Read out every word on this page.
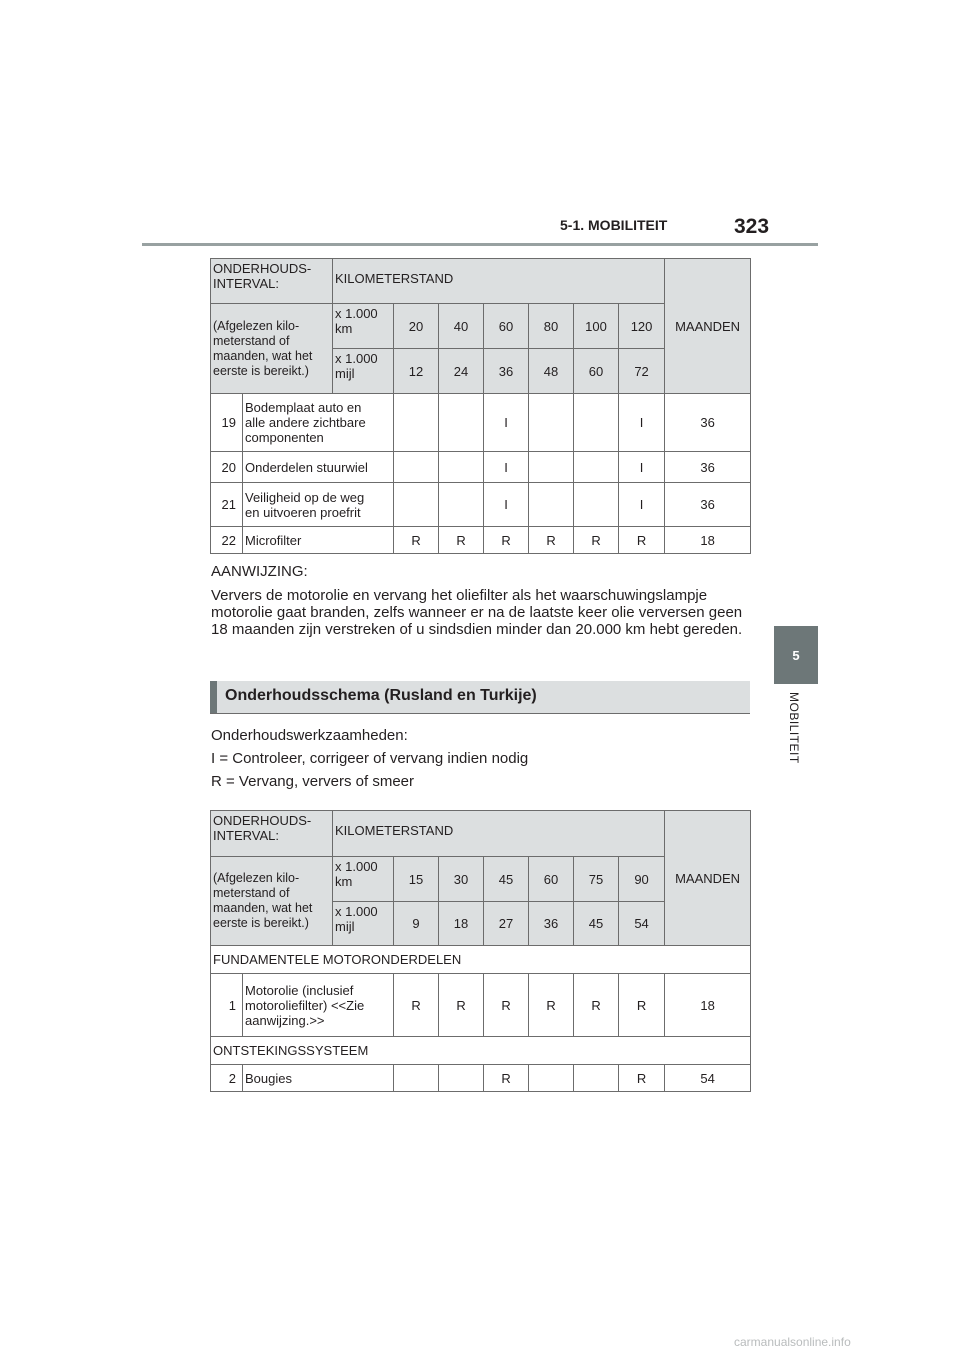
5-1. MOBILITEIT	323
5
MOBILITEIT
ONDERHOUDS-
INTERVAL:		KILOMETERSTAND							MAANDEN
(Afgelezen kilo-
meterstand of
maanden, wat het
eerste is bereikt.)		x 1.000
km	20	40	60	80	100	120	
		x 1.000
mijl	12	24	36	48	60	72	
19	Bodemplaat auto en
alle andere zichtbare
componenten				I			I	36
20	Onderdelen stuurwiel				I			I	36
21	Veiligheid op de weg
en uitvoeren proefrit				I			I	36
22	Microfilter		R	R	R	R	R	R	18
AANWIJZING:

Ververs de motorolie en vervang het oliefilter als het waarschuwingslampje motorolie gaat branden, zelfs wanneer er na de laatste keer olie verversen geen 18 maanden zijn verstreken of u sindsdien minder dan 20.000 km hebt gereden.

Onderhoudsschema (Rusland en Turkije)
Onderhoudswerkzaamheden:
I = Controleer, corrigeer of vervang indien nodig
R = Vervang, ververs of smeer
ONDERHOUDS-
INTERVAL:		KILOMETERSTAND							MAANDEN
(Afgelezen kilo-
meterstand of
maanden, wat het
eerste is bereikt.)		x 1.000
km	15	30	45	60	75	90	
		x 1.000
mijl	9	18	27	36	45	54	
FUNDAMENTELE MOTORONDERDELEN									
1	Motorolie (inclusief
motoroliefilter) <<Zie
aanwijzing.>>		R	R	R	R	R	R	18
ONTSTEKINGSSYSTEEM									
2	Bougies				R			R	54
carmanualsonline.info
